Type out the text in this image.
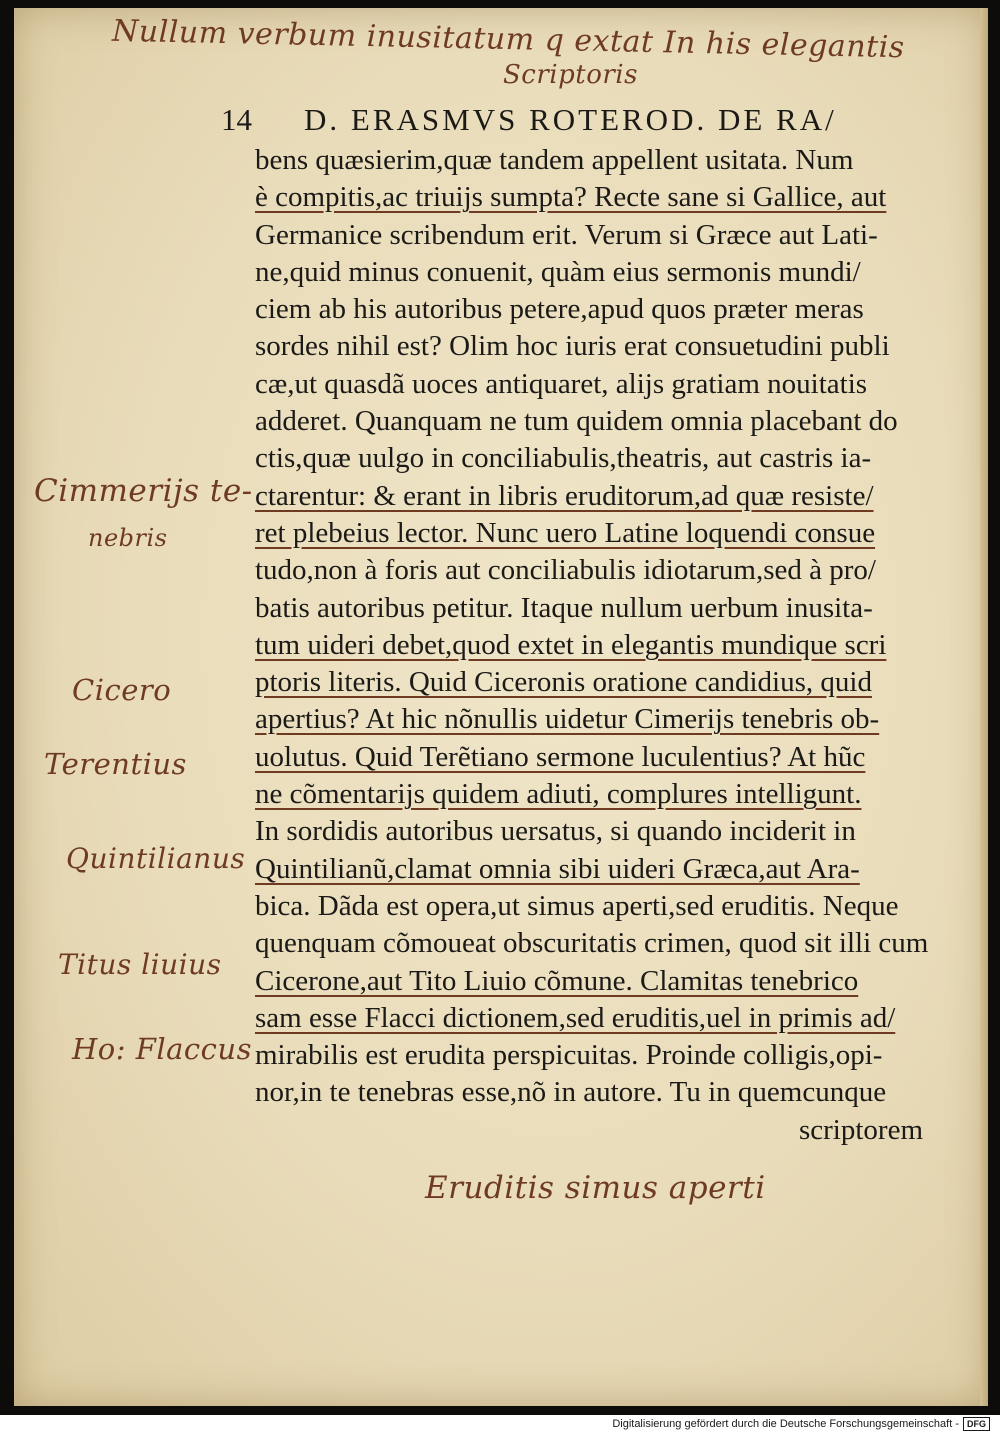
Nullum verbum inusitatum q extat In his elegantis
Scriptoris
14 D. ERASMVS ROTEROD. DE RA/
bens quæsierim,quæ tandem appellent usitata. Num
è compitis,ac triuijs sumpta? Recte sane si Gallice, aut
Germanice scribendum erit. Verum si Græce aut Lati-
ne,quid minus conuenit, quàm eius sermonis mundi/
ciem ab his autoribus petere,apud quos præter meras
sordes nihil est? Olim hoc iuris erat consuetudini publi
cæ,ut quasdã uoces antiquaret, alijs gratiam nouitatis
adderet. Quanquam ne tum quidem omnia placebant do
ctis,quæ uulgo in conciliabulis,theatris, aut castris ia-
ctarentur: & erant in libris eruditorum,ad quæ resiste/
ret plebeius lector. Nunc uero Latine loquendi consue
tudo,non à foris aut conciliabulis idiotarum,sed à pro/
batis autoribus petitur. Itaque nullum uerbum inusita-
tum uideri debet,quod extet in elegantis mundique scri
ptoris literis. Quid Ciceronis oratione candidius, quid
apertius? At hic nõnullis uidetur Cimerijs tenebris ob-
uolutus. Quid Terẽtiano sermone luculentius? At hũc
ne cõmentarijs quidem adiuti, complures intelligunt.
In sordidis autoribus uersatus, si quando inciderit in
Quintilianũ,clamat omnia sibi uideri Græca,aut Ara-
bica. Dãda est opera,ut simus aperti,sed eruditis. Neque
quenquam cõmoueat obscuritatis crimen, quod sit illi cum
Cicerone,aut Tito Liuio cõmune. Clamitas tenebrico
sam esse Flacci dictionem,sed eruditis,uel in primis ad/
mirabilis est erudita perspicuitas. Proinde colligis,opi-
nor,in te tenebras esse,nõ in autore. Tu in quemcunque
scriptorem
Cimmerijs te-
nebris
Cicero
Terentius
Quintilianus
Titus liuius
Ho: Flaccus
Eruditis simus aperti
Digitalisierung gefördert durch die Deutsche Forschungsgemeinschaft - DFG
